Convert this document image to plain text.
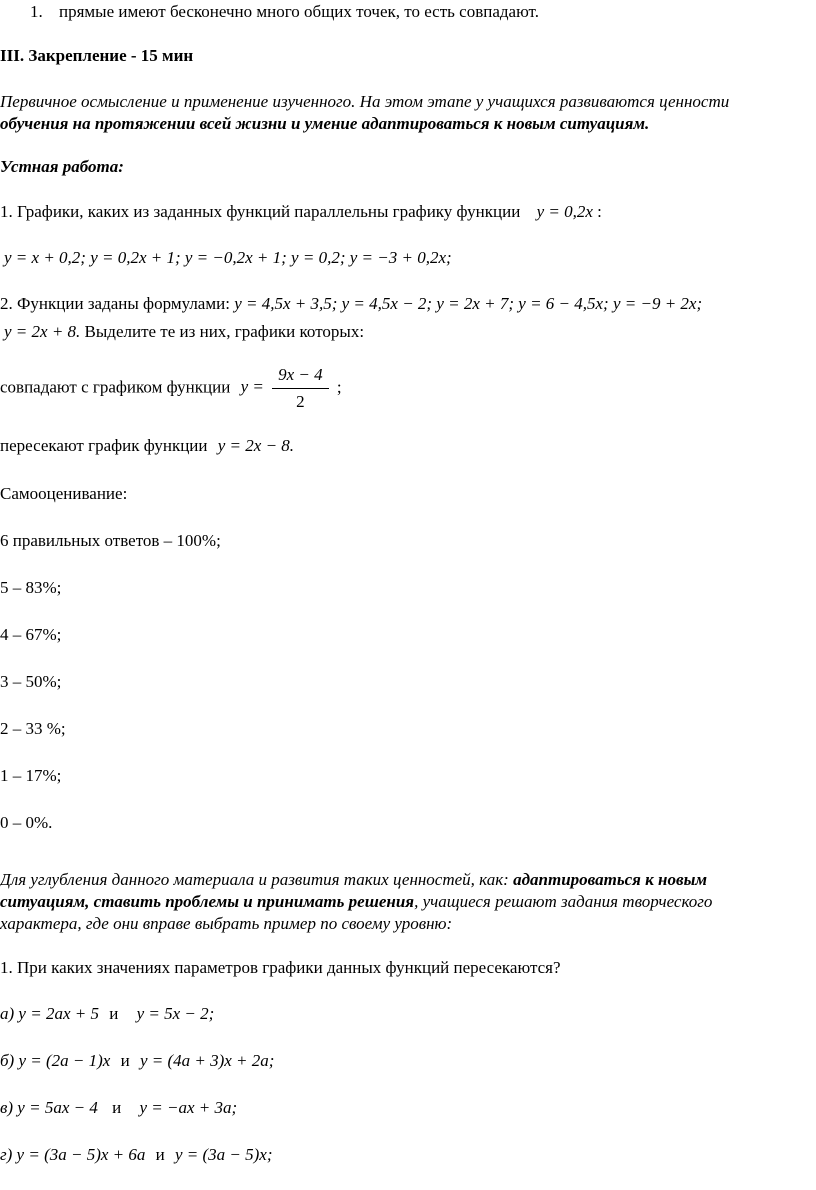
1. прямые имеют бесконечно много общих точек, то есть совпадают.
III. Закрепление - 15 мин
Первичное осмысление и применение изученного. На этом этапе у учащихся развиваются ценности
обучения на протяжении всей жизни и умение адаптироваться к новым ситуациям.
Устная работа:
1. Графики, каких из заданных функций параллельны графику функции y = 0,2x :
y = x + 0,2; y = 0,2x + 1; y = −0,2x + 1; y = 0,2; y = −3 + 0,2x;
2. Функции заданы формулами: y = 4,5x + 3,5; y = 4,5x − 2; y = 2x + 7; y = 6 − 4,5x; y = −9 + 2x;
y = 2x + 8. Выделите те из них, графики которых:
совпадают с графиком функции $y = \frac{9x - 4}{2}$ ;
пересекают график функции y = 2x − 8.
Самооценивание:
6 правильных ответов – 100%;
5 – 83%;
4 – 67%;
3 – 50%;
2 – 33 %;
1 – 17%;
0 – 0%.
Для углубления данного материала и развития таких ценностей, как: адаптироваться к новым
ситуациям, ставить проблемы и принимать решения, учащиеся решают задания творческого
характера, где они вправе выбрать пример по своему уровню:
1. При каких значениях параметров графики данных функций пересекаются?
а) y = 2ax + 5 и y = 5x − 2;
б) y = (2a − 1)x и y = (4a + 3)x + 2a;
в) y = 5ax − 4 и y = −ax + 3a;
г) y = (3a − 5)x + 6a и y = (3a − 5)x;
